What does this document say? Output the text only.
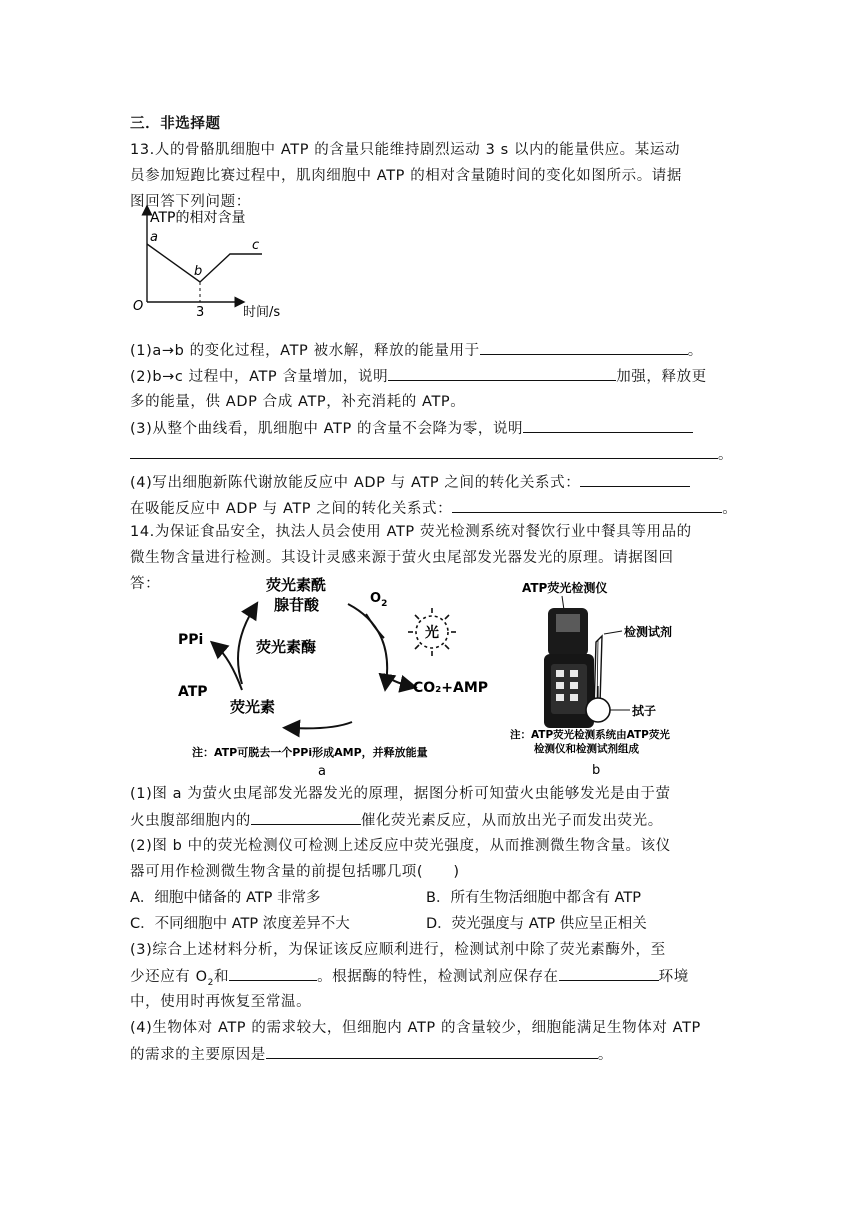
三．非选择题
13.人的骨骼肌细胞中 ATP 的含量只能维持剧烈运动 3 s 以内的能量供应。某运动
员参加短跑比赛过程中，肌肉细胞中 ATP 的相对含量随时间的变化如图所示。请据
图回答下列问题：
ATP的相对含量
a
b
c
O	3	时间/s
(1)a→b 的变化过程，ATP 被水解，释放的能量用于	。
(2)b→c 过程中，ATP 含量增加，说明	加强，释放更
多的能量，供 ADP 合成 ATP，补充消耗的 ATP。
(3)从整个曲线看，肌细胞中 ATP 的含量不会降为零，说明
。
(4)写出细胞新陈代谢放能反应中 ADP 与 ATP 之间的转化关系式：
在吸能反应中 ADP 与 ATP 之间的转化关系式：	。
14.为保证食品安全，执法人员会使用 ATP 荧光检测系统对餐饮行业中餐具等用品的
微生物含量进行检测。其设计灵感来源于萤火虫尾部发光器发光的原理。请据图回
答：	荧光素酰
腺苷酸	$O_2$
光
CO₂+AMP
PPi	荧光素酶
ATP
荧光素
注：ATP可脱去一个PPi形成AMP，并释放能量
a
ATP荧光检测仪
检测试剂
拭子
注：ATP荧光检测系统由ATP荧光
检测仪和检测试剂组成
b
(1)图 a 为萤火虫尾部发光器发光的原理，据图分析可知萤火虫能够发光是由于萤
火虫腹部细胞内的	催化荧光素反应，从而放出光子而发出荧光。
(2)图 b 中的荧光检测仪可检测上述反应中荧光强度，从而推测微生物含量。该仪
器可用作检测微生物含量的前提包括哪几项(　　)
A．细胞中储备的 ATP 非常多	B．所有生物活细胞中都含有 ATP
C．不同细胞中 ATP 浓度差异不大	D．荧光强度与 ATP 供应呈正相关
(3)综合上述材料分析，为保证该反应顺利进行，检测试剂中除了荧光素酶外，至
少还应有 $O_2$和	。根据酶的特性，检测试剂应保存在	环境
中，使用时再恢复至常温。
(4)生物体对 ATP 的需求较大，但细胞内 ATP 的含量较少，细胞能满足生物体对 ATP
的需求的主要原因是	。
